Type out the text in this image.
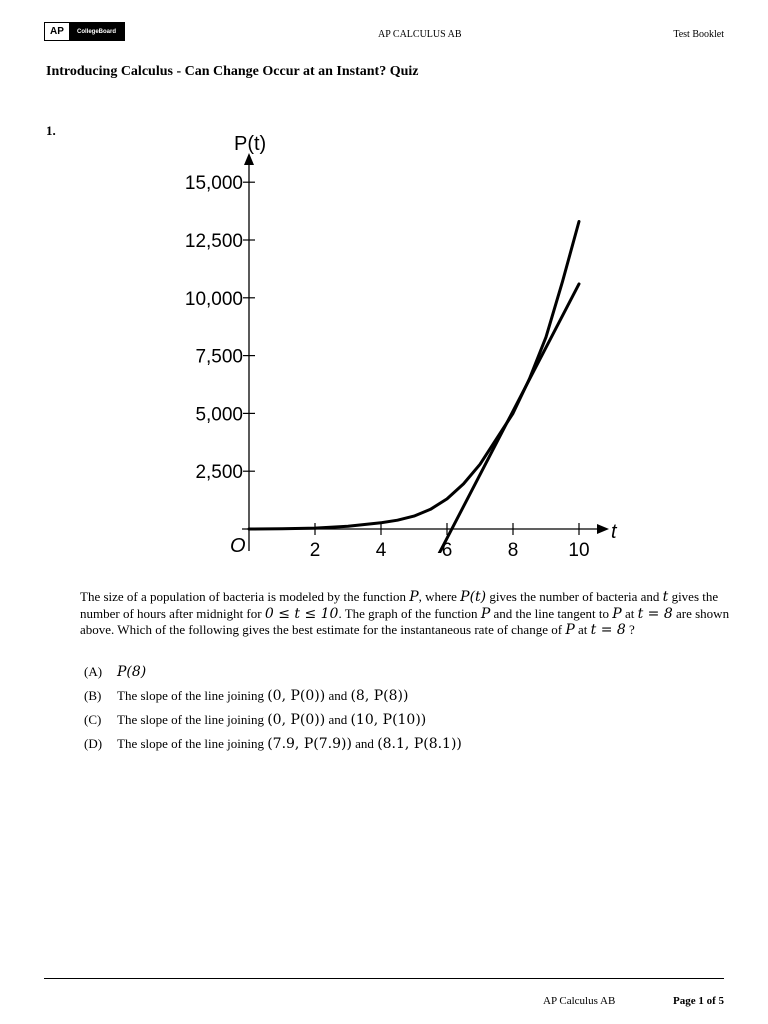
AP	CollegeBoard	AP CALCULUS AB	Test Booklet
Introducing Calculus - Can Change Occur at an Instant? Quiz
1.
2	4	6	8	10
2,500
5,000
7,500
10,000
12,500
15,000
O
P(t)
t
The size of a population of bacteria is modeled by the function P, where P(t) gives the number of bacteria and t gives the number of hours after midnight for 0 ≤ t ≤ 10. The graph of the function P and the line tangent to P at t = 8 are shown above. Which of the following gives the best estimate for the instantaneous rate of change of P at t = 8 ?
(A)	P(8)
(B)	The slope of the line joining (0, P(0)) and (8, P(8))
(C)	The slope of the line joining (0, P(0)) and (10, P(10))
(D)	The slope of the line joining (7.9, P(7.9)) and (8.1, P(8.1))
AP Calculus AB	Page 1 of 5
